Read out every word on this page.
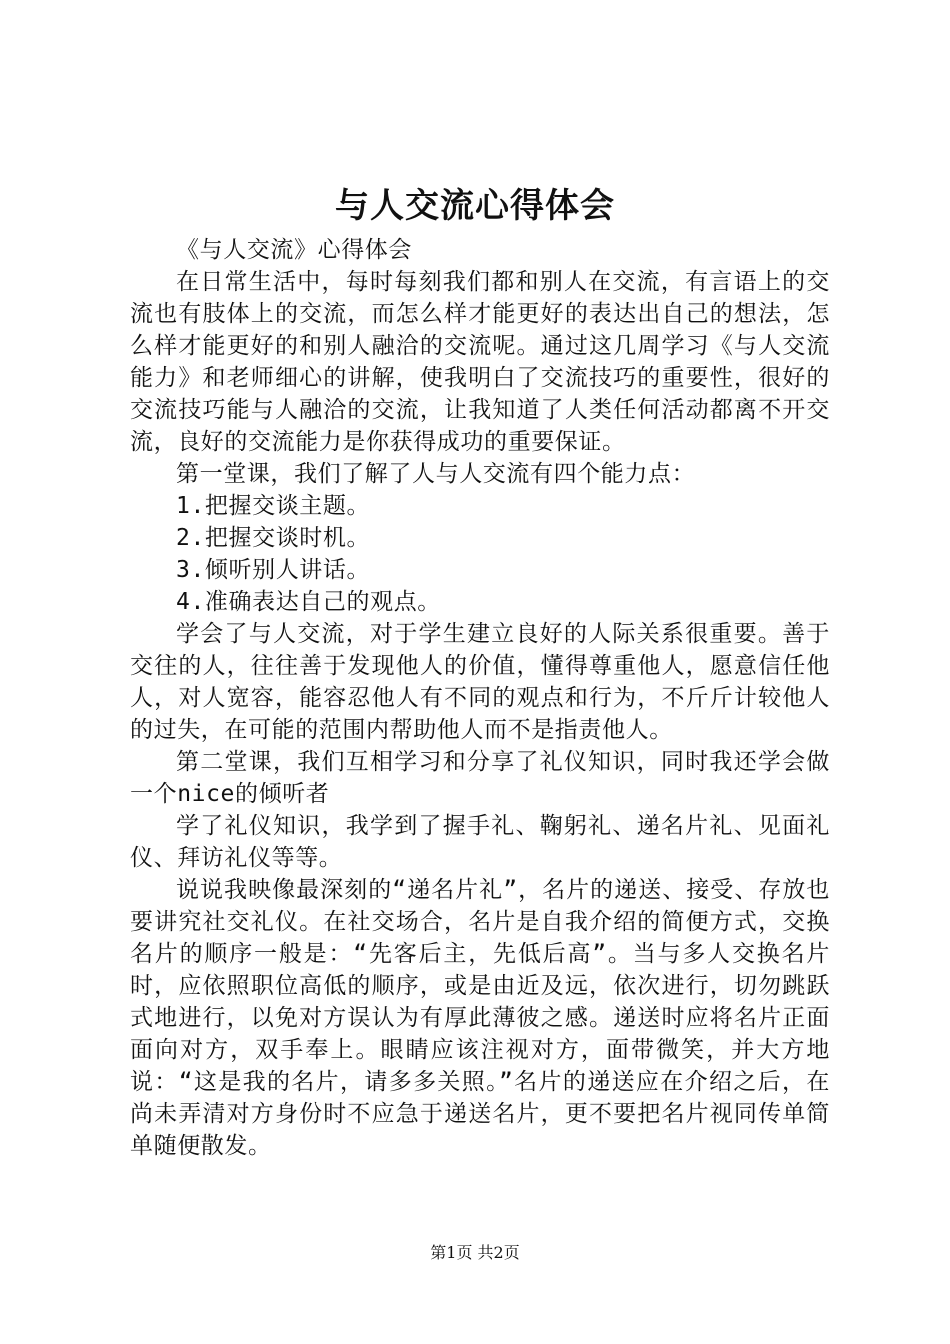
与人交流心得体会

《与人交流》心得体会

在日常生活中，每时每刻我们都和别人在交流，有言语上的交流也有肢体上的交流，而怎么样才能更好的表达出自己的想法，怎么样才能更好的和别人融洽的交流呢。通过这几周学习《与人交流能力》和老师细心的讲解，使我明白了交流技巧的重要性，很好的交流技巧能与人融洽的交流，让我知道了人类任何活动都离不开交流，良好的交流能力是你获得成功的重要保证。

第一堂课，我们了解了人与人交流有四个能力点：

1.把握交谈主题。

2.把握交谈时机。

3.倾听别人讲话。

4.准确表达自己的观点。

学会了与人交流，对于学生建立良好的人际关系很重要。善于交往的人，往往善于发现他人的价值，懂得尊重他人，愿意信任他人，对人宽容，能容忍他人有不同的观点和行为，不斤斤计较他人的过失，在可能的范围内帮助他人而不是指责他人。

第二堂课，我们互相学习和分享了礼仪知识，同时我还学会做一个nice的倾听者

学了礼仪知识，我学到了握手礼、鞠躬礼、递名片礼、见面礼仪、拜访礼仪等等。

说说我映像最深刻的“递名片礼”，名片的递送、接受、存放也要讲究社交礼仪。在社交场合，名片是自我介绍的简便方式，交换名片的顺序一般是：“先客后主，先低后高”。当与多人交换名片时，应依照职位高低的顺序，或是由近及远，依次进行，切勿跳跃式地进行，以免对方误认为有厚此薄彼之感。递送时应将名片正面面向对方，双手奉上。眼睛应该注视对方，面带微笑，并大方地说：“这是我的名片，请多多关照。”名片的递送应在介绍之后，在尚未弄清对方身份时不应急于递送名片，更不要把名片视同传单简单随便散发。

第1页 共2页
